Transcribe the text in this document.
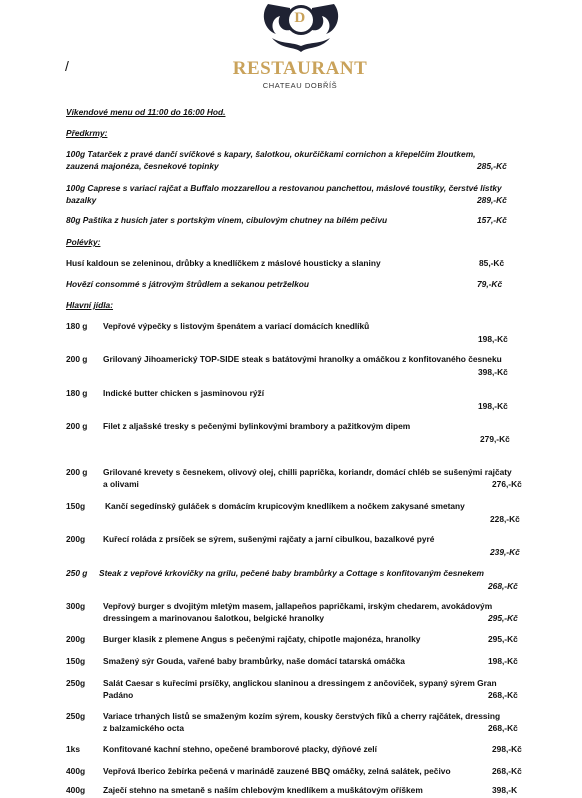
D
RESTAURANT
CHATEAU DOBŘÍŠ
/
Víkendové menu od 11:00 do 16:00 Hod.
Předkrmy:
100g Tatarček z pravé dančí svíčkové s kapary, šalotkou, okurčičkami cornichon a křepelčím žloutkem,
zauzená majonéza, česnekové topinky	285,-Kč
100g Caprese s variací rajčat a Buffalo mozzarellou a restovanou panchettou, máslové toustíky, čerstvé lístky
bazalky	289,-Kč
80g Paštika z husích jater s portským vínem, cibulovým chutney na bílém pečivu	157,-Kč
Polévky:
Husí kaldoun se zeleninou, drůbky a knedlíčkem z máslové housticky a slaniny	85,-Kč
Hovězí consommé s játrovým štrůdlem a sekanou petrželkou	79,-Kč
Hlavní jídla:
180 g Vepřové výpečky s listovým špenátem a variací domácích knedlíků
198,-Kč
200 g Grilovaný Jihoamerický TOP-SIDE steak s batátovými hranolky a omáčkou z konfitovaného česneku
398,-Kč
180 g Indické butter chicken s jasminovou rýží
198,-Kč
200 g Filet z aljašské tresky s pečenými bylinkovými brambory a pažitkovým dipem
279,-Kč
200 g Grilované krevety s česnekem, olivový olej, chilli paprička, koriandr, domácí chléb se sušenými rajčaty
a olivami	276,-Kč
150g Kančí segedínský guláček s domácím krupicovým knedlíkem a nočkem zakysané smetany
228,-Kč
200g Kuřecí roláda z prsíček se sýrem, sušenými rajčaty a jarní cibulkou, bazalkové pyré
239,-Kč
250 g Steak z vepřové krkovičky na grilu, pečené baby brambůrky a Cottage s konfitovaným česnekem
268,-Kč
300g Vepřový burger s dvojitým mletým masem, jallapeňos papričkami, irským chedarem, avokádovým
dressingem a marinovanou šalotkou, belgické hranolky	295,-Kč
200g Burger klasik z plemene Angus s pečenými rajčaty, chipotle majonéza, hranolky	295,-Kč
150g Smažený sýr Gouda, vařené baby brambůrky, naše domácí tatarská omáčka	198,-Kč
250g Salát Caesar s kuřecími prsíčky, anglickou slaninou a dressingem z ančoviček, sypaný sýrem Gran
Padáno	268,-Kč
250g Variace trhaných listů se smaženým kozím sýrem, kousky čerstvých fíků a cherry rajčátek, dressing
z balzamického octa	268,-Kč
1ks	Konfitované kachní stehno, opečené bramborové placky, dýňové zelí	298,-Kč
400g Vepřová Iberico žebírka pečená v marinádě zauzené BBQ omáčky, zelná salátek, pečivo	268,-Kč
400g Zaječí stehno na smetaně s naším chlebovým knedlíkem a muškátovým oříškem	398,-K
